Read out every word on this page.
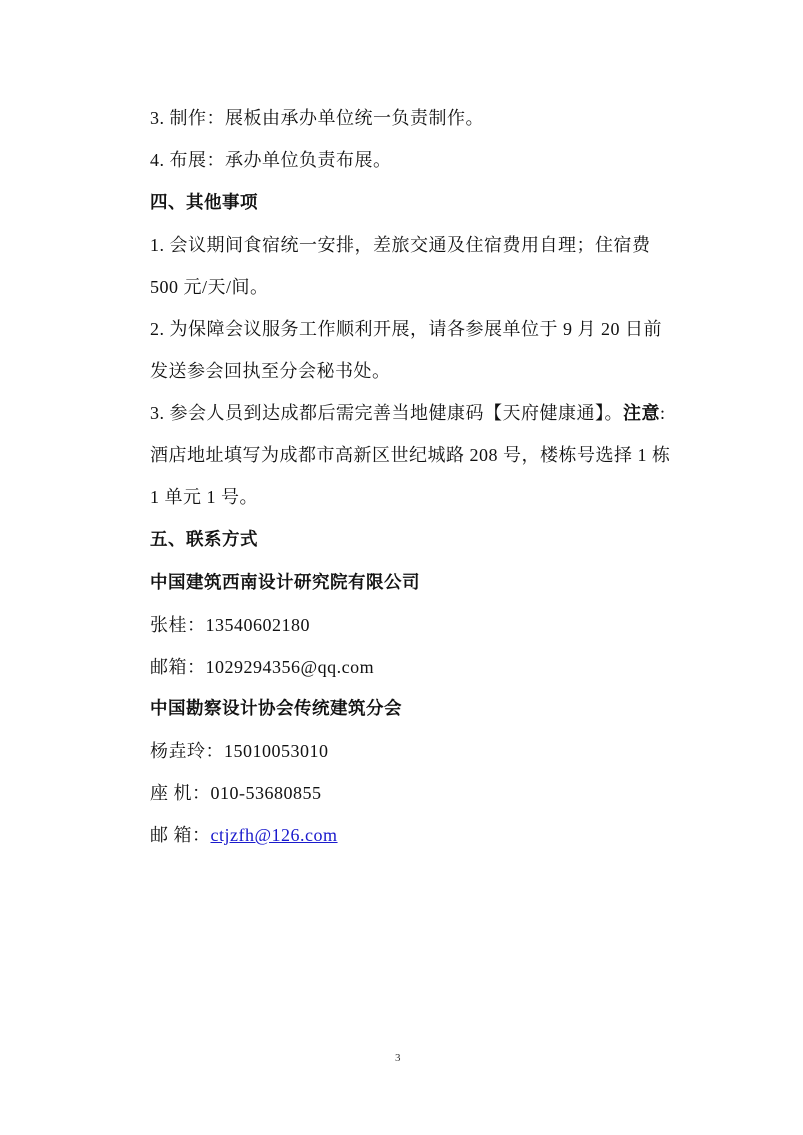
3. 制作：展板由承办单位统一负责制作。
4. 布展：承办单位负责布展。
四、其他事项
1. 会议期间食宿统一安排，差旅交通及住宿费用自理；住宿费
500 元/天/间。
2. 为保障会议服务工作顺利开展，请各参展单位于 9 月 20 日前
发送参会回执至分会秘书处。
3. 参会人员到达成都后需完善当地健康码【天府健康通】。注意:
酒店地址填写为成都市高新区世纪城路 208 号，楼栋号选择 1 栋
1 单元 1 号。
五、联系方式
中国建筑西南设计研究院有限公司
张桂：13540602180
邮箱：1029294356@qq.com
中国勘察设计协会传统建筑分会
杨垚玲：15010053010
座 机：010-53680855
邮 箱：ctjzfh@126.com
3
